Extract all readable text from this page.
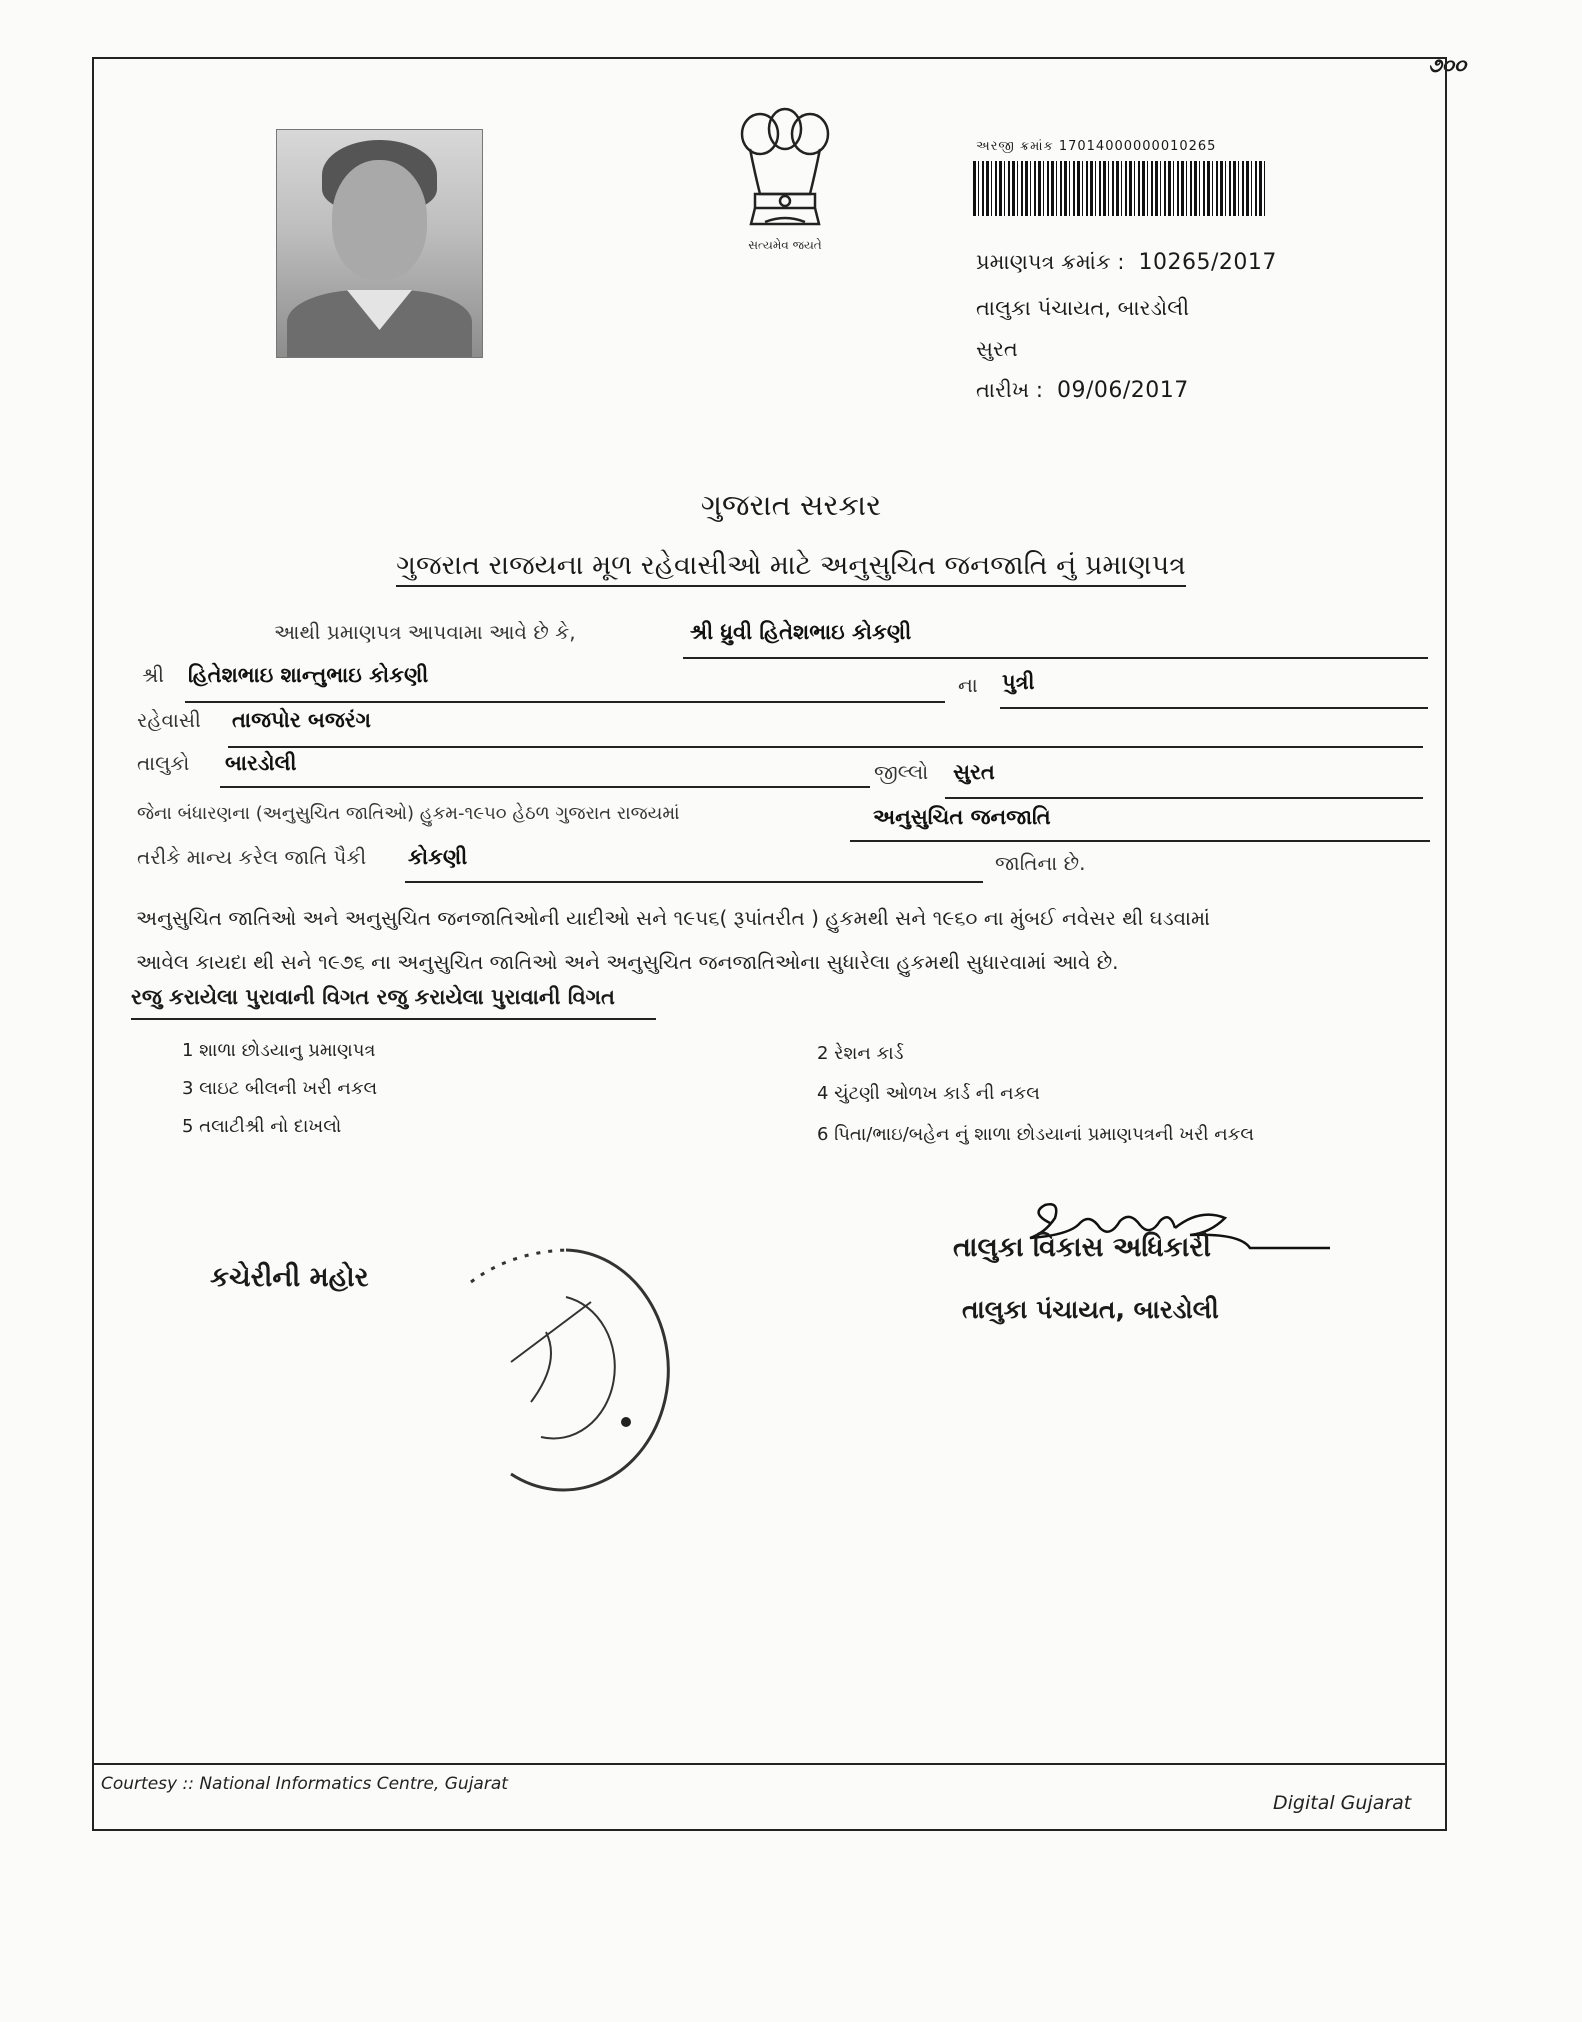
૭૦૦
સત્યમેવ જયતે
અરજી ક્રમાંક 17014000000010265
પ્રમાણપત્ર ક્રમાંક : 10265/2017
તાલુકા પંચાયત, બારડોલી
સુરત
તારીખ : 09/06/2017
ગુજરાત સરકાર
ગુજરાત રાજયના મૂળ રહેવાસીઓ માટે અનુસુચિત જનજાતિ નું પ્રમાણપત્ર
આથી પ્રમાણપત્ર આપવામા આવે છે કે,	શ્રી ધ્રુવી હિતેશભાઇ કોકણી
શ્રી હિતેશભાઇ શાન્તુભાઇ કોકણી	ના પુત્રી
રહેવાસી તાજપોર બજરંગ
તાલુકો બારડોલી	જીલ્લો સુરત
જેના બંધારણના (અનુસુચિત જાતિઓ) હુકમ-૧૯૫૦ હેઠળ ગુજરાત રાજયમાં	અનુસુચિત જનજાતિ
તરીકે માન્ય કરેલ જાતિ પૈકી કોકણી	જાતિના છે.
અનુસુચિત જાતિઓ અને અનુસુચિત જનજાતિઓની યાદીઓ સને ૧૯૫૬( રૂપાંતરીત ) હુકમથી સને ૧૯૬૦ ના મુંબઈ નવેસર થી ઘડવામાં
આવેલ કાયદા થી સને ૧૯૭૬ ના અનુસુચિત જાતિઓ અને અનુસુચિત જનજાતિઓના સુધારેલા હુકમથી સુધારવામાં આવે છે.
રજુ કરાયેલા પુરાવાની વિગત રજુ કરાયેલા પુરાવાની વિગત
1 શાળા છોડયાનુ પ્રમાણપત્ર	2 રેશન કાર્ડ
3 લાઇટ બીલની ખરી નકલ	4 ચુંટણી ઓળખ કાર્ડ ની નકલ
5 તલાટીશ્રી નો દાખલો	6 પિતા/ભાઇ/બહેન નું શાળા છોડયાનાં પ્રમાણપત્રની ખરી નકલ
કચેરીની મહોર
તાલુકા વિકાસ અધિકારી
તાલુકા પંચાયત, બારડોલી
Courtesy :: National Informatics Centre, Gujarat
Digital Gujarat
